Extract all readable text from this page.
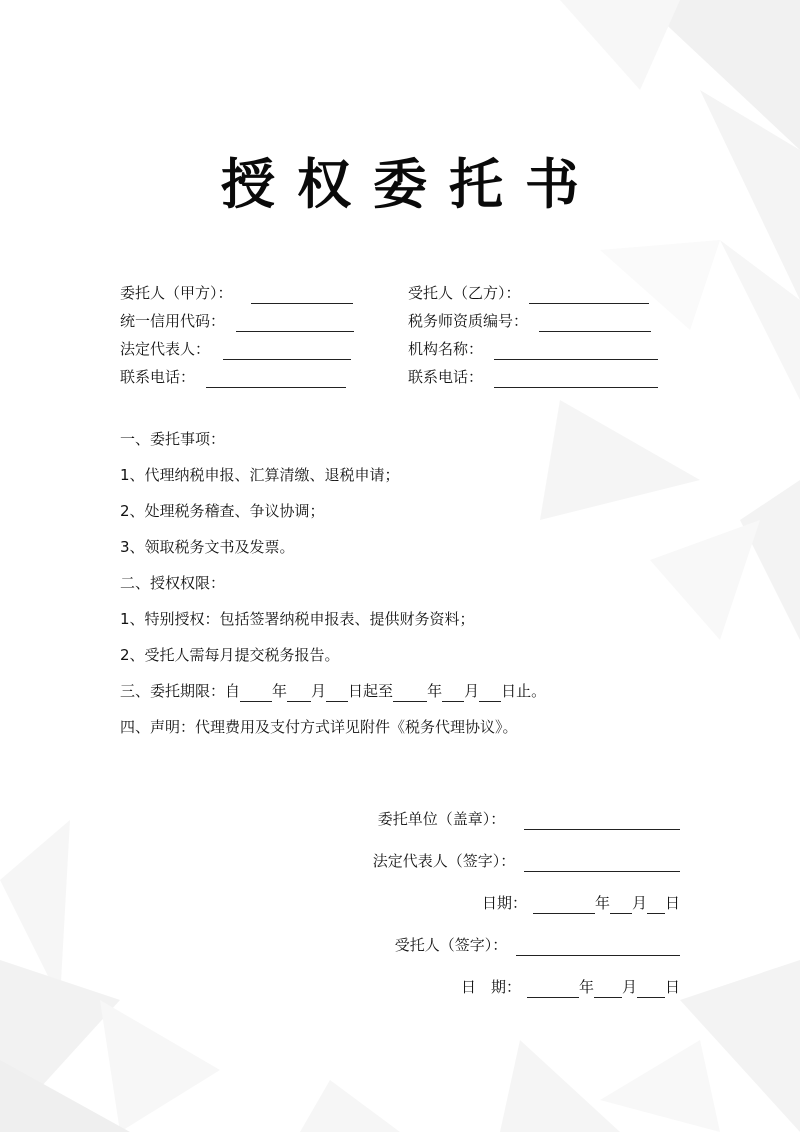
授权委托书
委托人（甲方）：
统一信用代码：
法定代表人：
联系电话：
受托人（乙方）：
税务师资质编号：
机构名称：
联系电话：
一、委托事项：
1、代理纳税申报、汇算清缴、退税申请；
2、处理税务稽查、争议协调；
3、领取税务文书及发票。
二、授权权限：
1、特别授权：包括签署纳税申报表、提供财务资料；
2、受托人需每月提交税务报告。
三、委托期限：自 年 月 日起至 年 月 日止。
四、声明：代理费用及支付方式详见附件《税务代理协议》。
委托单位（盖章）：
法定代表人（签字）：
日期：	年 月 日
受托人（签字）：
日　期：	年 月 日
